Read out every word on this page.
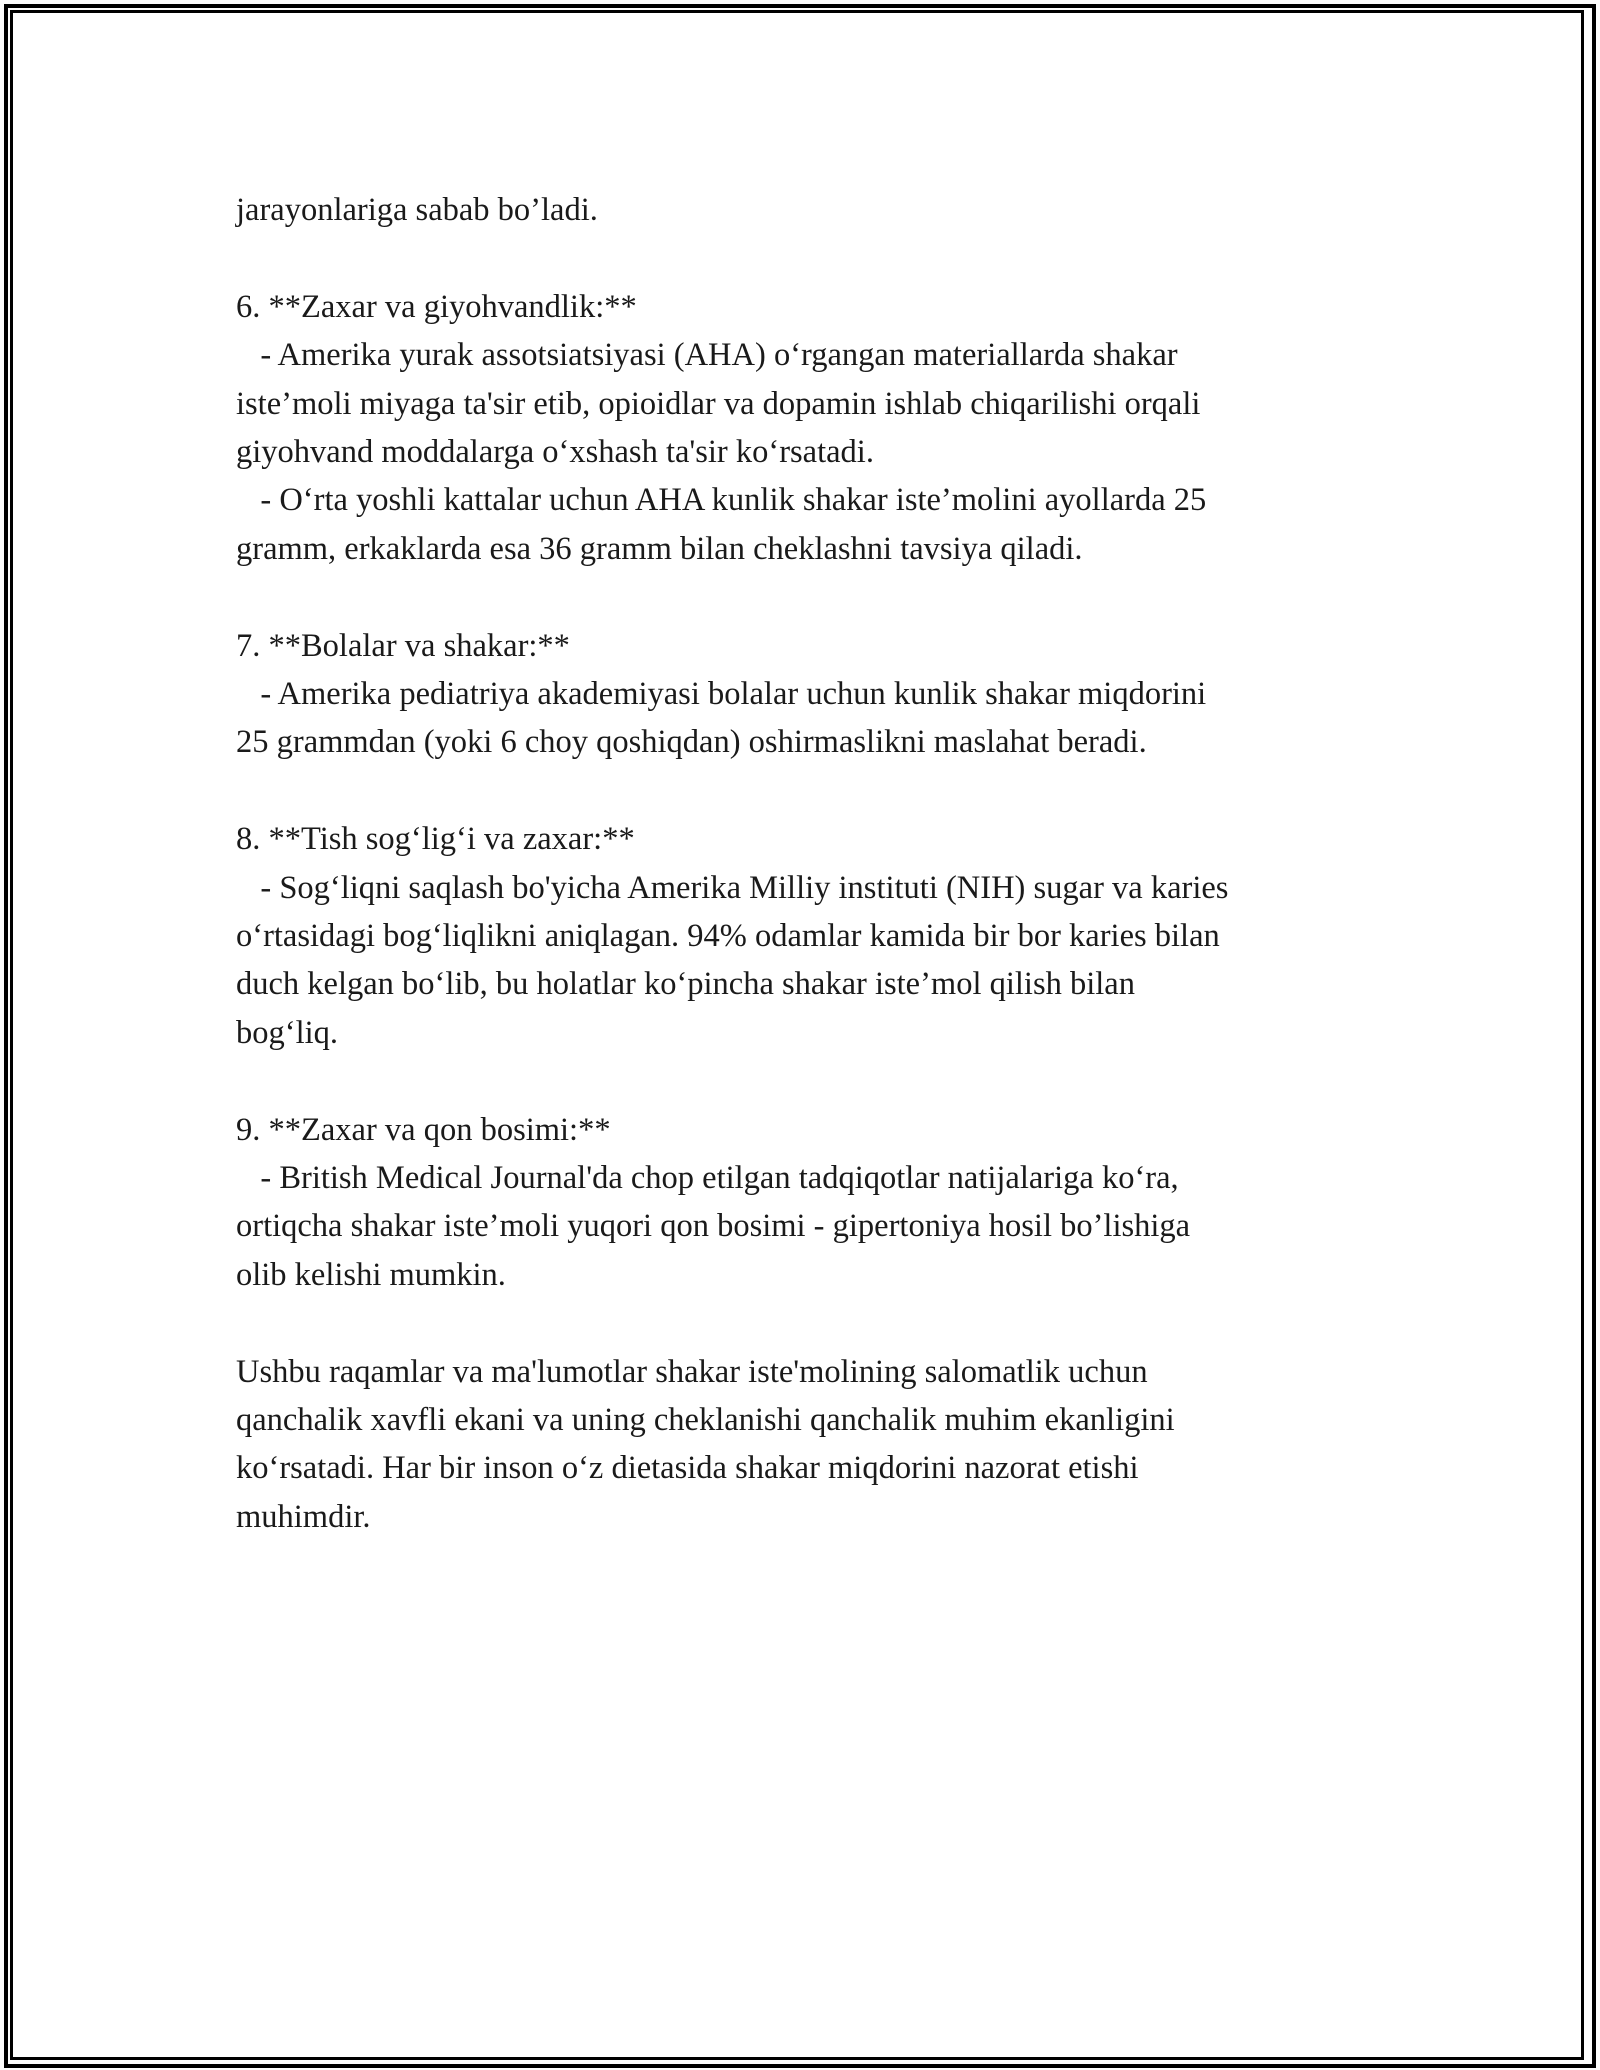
jarayonlariga sabab bo’ladi.
6. **Zaxar va giyohvandlik:**
- Amerika yurak assotsiatsiyasi (AHA) o‘rgangan materiallarda shakar
iste’moli miyaga ta'sir etib, opioidlar va dopamin ishlab chiqarilishi orqali
giyohvand moddalarga o‘xshash ta'sir ko‘rsatadi.
- O‘rta yoshli kattalar uchun AHA kunlik shakar iste’molini ayollarda 25
gramm, erkaklarda esa 36 gramm bilan cheklashni tavsiya qiladi.
7. **Bolalar va shakar:**
- Amerika pediatriya akademiyasi bolalar uchun kunlik shakar miqdorini
25 grammdan (yoki 6 choy qoshiqdan) oshirmaslikni maslahat beradi.
8. **Tish sog‘lig‘i va zaxar:**
- Sog‘liqni saqlash bo'yicha Amerika Milliy instituti (NIH) sugar va karies
o‘rtasidagi bog‘liqlikni aniqlagan. 94% odamlar kamida bir bor karies bilan
duch kelgan bo‘lib, bu holatlar ko‘pincha shakar iste’mol qilish bilan
bog‘liq.
9. **Zaxar va qon bosimi:**
- British Medical Journal'da chop etilgan tadqiqotlar natijalariga ko‘ra,
ortiqcha shakar iste’moli yuqori qon bosimi - gipertoniya hosil bo’lishiga
olib kelishi mumkin.
Ushbu raqamlar va ma'lumotlar shakar iste'molining salomatlik uchun
qanchalik xavfli ekani va uning cheklanishi qanchalik muhim ekanligini
ko‘rsatadi. Har bir inson o‘z dietasida shakar miqdorini nazorat etishi
muhimdir.
